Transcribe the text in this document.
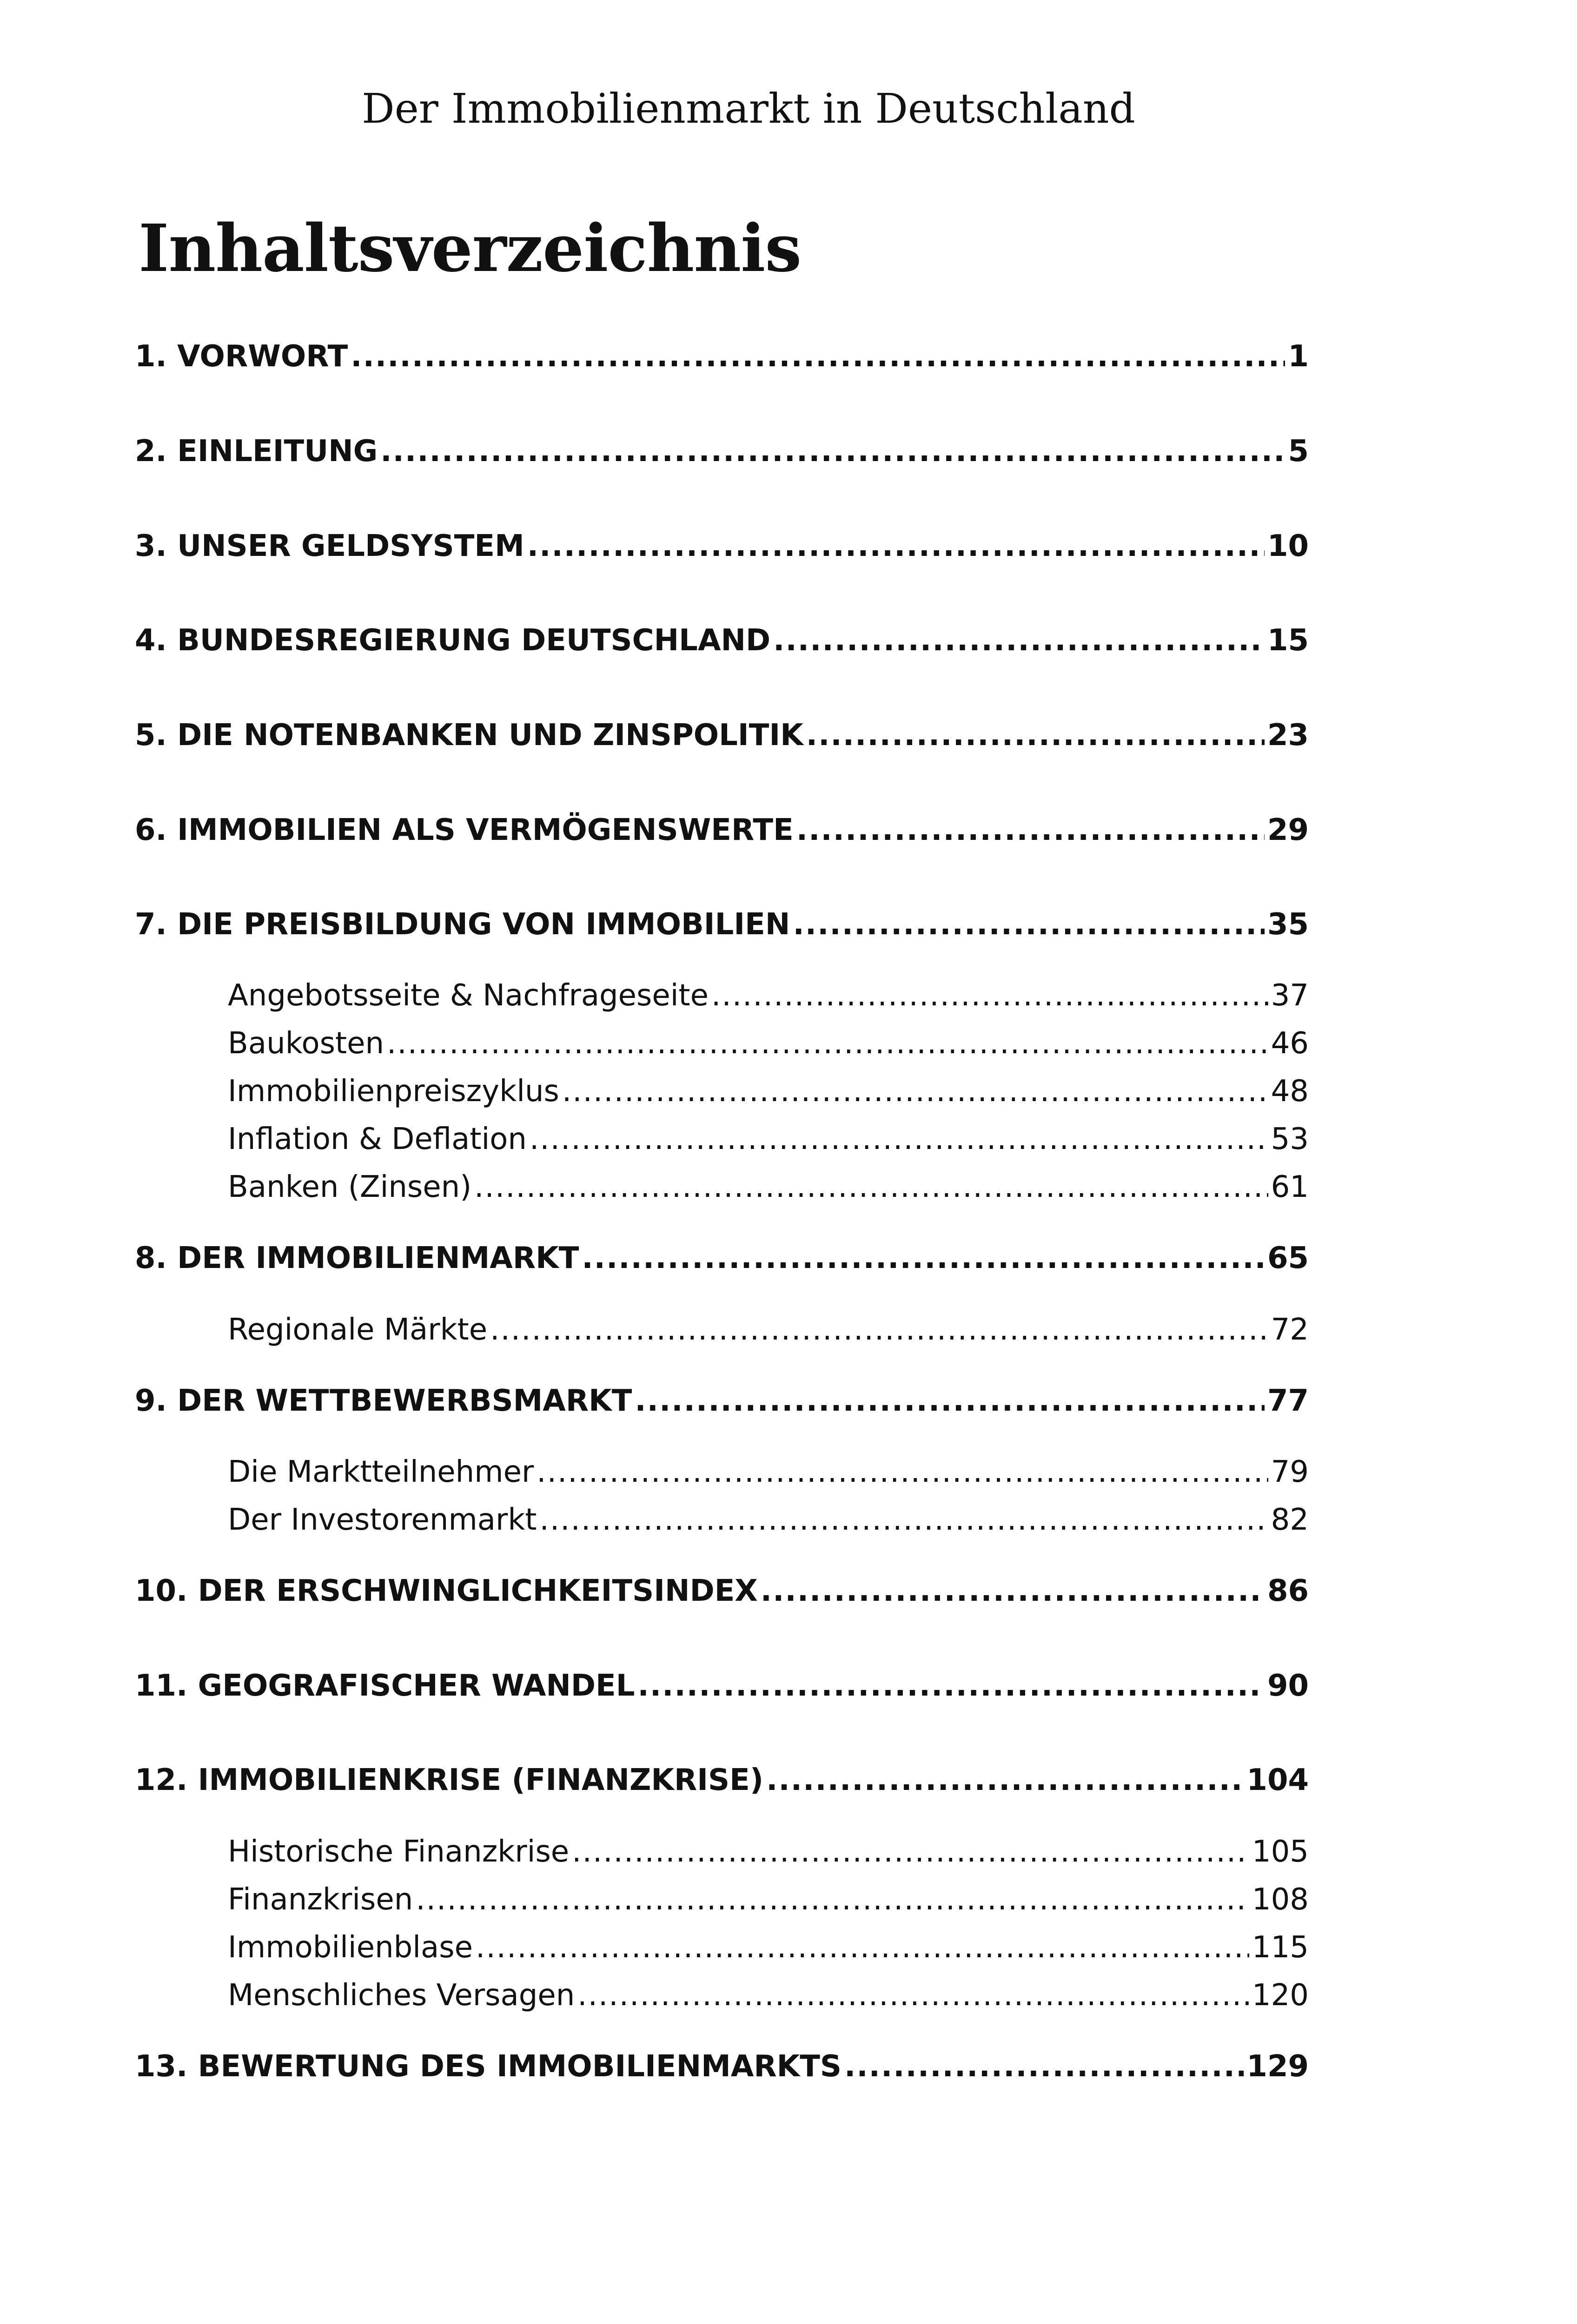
Der Immobilienmarkt in Deutschland
Inhaltsverzeichnis
1. VORWORT .....	1
2. EINLEITUNG .....	5
3. UNSER GELDSYSTEM .....	10
4. BUNDESREGIERUNG DEUTSCHLAND .....	15
5. DIE NOTENBANKEN UND ZINSPOLITIK .....	23
6. IMMOBILIEN ALS VERMÖGENSWERTE .....	29
7. DIE PREISBILDUNG VON IMMOBILIEN .....	35
Angebotsseite & Nachfrageseite .....	37
Baukosten .....	46
Immobilienpreiszyklus .....	48
Inflation & Deflation .....	53
Banken (Zinsen) .....	61
8. DER IMMOBILIENMARKT .....	65
Regionale Märkte .....	72
9. DER WETTBEWERBSMARKT .....	77
Die Marktteilnehmer .....	79
Der Investorenmarkt .....	82
10. DER ERSCHWINGLICHKEITSINDEX .....	86
11. GEOGRAFISCHER WANDEL .....	90
12. IMMOBILIENKRISE (FINANZKRISE) .....	104
Historische Finanzkrise .....	105
Finanzkrisen .....	108
Immobilienblase .....	115
Menschliches Versagen .....	120
13. BEWERTUNG DES IMMOBILIENMARKTS .....	129
